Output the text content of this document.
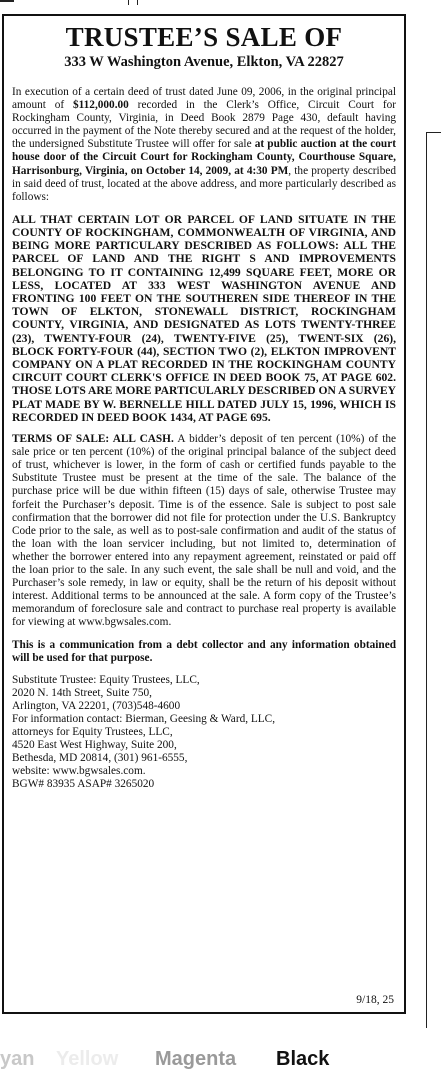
TRUSTEE’S SALE OF
333 W Washington Avenue, Elkton, VA 22827

In execution of a certain deed of trust dated June 09, 2006, in the original principal amount of $112,000.00 recorded in the Clerk’s Office, Circuit Court for Rockingham County, Virginia, in Deed Book 2879 Page 430, default having occurred in the payment of the Note thereby secured and at the request of the holder, the undersigned Substitute Trustee will offer for sale at public auction at the court house door of the Circuit Court for Rockingham County, Courthouse Square, Harrisonburg, Virginia, on October 14, 2009, at 4:30 PM, the property described in said deed of trust, located at the above address, and more particularly described as follows:

ALL THAT CERTAIN LOT OR PARCEL OF LAND SITUATE IN THE COUNTY OF ROCKINGHAM, COMMONWEALTH OF VIRGINIA, AND BEING MORE PARTICULARY DESCRIBED AS FOLLOWS: ALL THE PARCEL OF LAND AND THE RIGHT S AND IMPROVEMENTS BELONGING TO IT CONTAINING 12,499 SQUARE FEET, MORE OR LESS, LOCATED AT 333 WEST WASHINGTON AVENUE AND FRONTING 100 FEET ON THE SOUTHEREN SIDE THEREOF IN THE TOWN OF ELKTON, STONEWALL DISTRICT, ROCKINGHAM COUNTY, VIRGINIA, AND DESIGNATED AS LOTS TWENTY-THREE (23), TWENTY-FOUR (24), TWENTY-FIVE (25), TWENT-SIX (26), BLOCK FORTY-FOUR (44), SECTION TWO (2), ELKTON IMPROVENT COMPANY ON A PLAT RECORDED IN THE ROCKINGHAM COUNTY CIRCUIT COURT CLERK'S OFFICE IN DEED BOOK 75, AT PAGE 602. THOSE LOTS ARE MORE PARTICULARLY DESCRIBED ON A SURVEY PLAT MADE BY W. BERNELLE HILL DATED JULY 15, 1996, WHICH IS RECORDED IN DEED BOOK 1434, AT PAGE 695.

TERMS OF SALE: ALL CASH. A bidder’s deposit of ten percent (10%) of the sale price or ten percent (10%) of the original principal balance of the subject deed of trust, whichever is lower, in the form of cash or certified funds payable to the Substitute Trustee must be present at the time of the sale. The balance of the purchase price will be due within fifteen (15) days of sale, otherwise Trustee may forfeit the Purchaser’s deposit. Time is of the essence. Sale is subject to post sale confirmation that the borrower did not file for protection under the U.S. Bankruptcy Code prior to the sale, as well as to post-sale confirmation and audit of the status of the loan with the loan servicer including, but not limited to, determination of whether the borrower entered into any repayment agreement, reinstated or paid off the loan prior to the sale. In any such event, the sale shall be null and void, and the Purchaser’s sole remedy, in law or equity, shall be the return of his deposit without interest. Additional terms to be announced at the sale. A form copy of the Trustee’s memorandum of foreclosure sale and contract to purchase real property is available for viewing at www.bgwsales.com.

This is a communication from a debt collector and any information obtained will be used for that purpose.

Substitute Trustee: Equity Trustees, LLC,
2020 N. 14th Street, Suite 750,
Arlington, VA 22201, (703)548-4600
For information contact: Bierman, Geesing & Ward, LLC,
attorneys for Equity Trustees, LLC,
4520 East West Highway, Suite 200,
Bethesda, MD 20814, (301) 961-6555,
website: www.bgwsales.com.
BGW# 83935 ASAP# 3265020
9/18, 25
yan Yellow Magenta Black
